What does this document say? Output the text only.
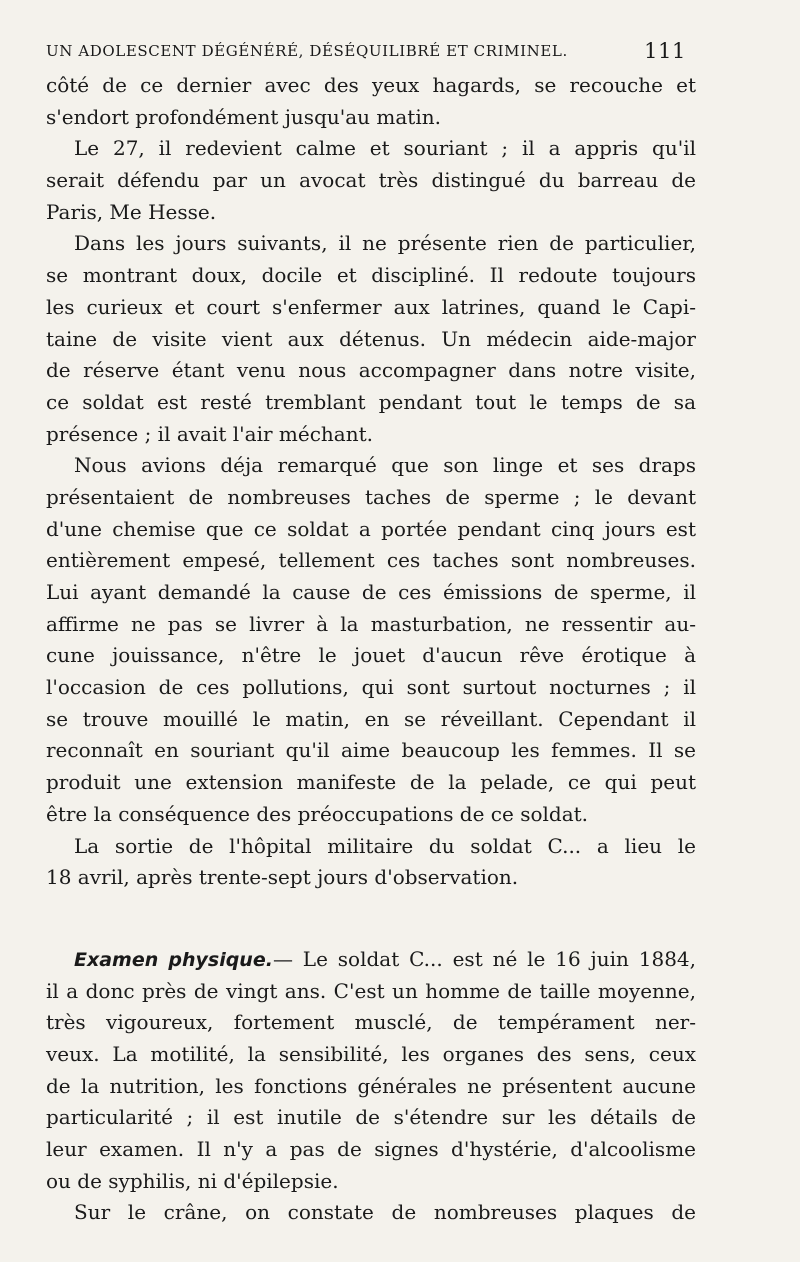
UN ADOLESCENT DÉGÉNÉRÉ, DÉSÉQUILIBRÉ ET CRIMINEL.	111
côté de ce dernier avec des yeux hagards, se recouche et
s'endort profondément jusqu'au matin.
Le 27, il redevient calme et souriant ; il a appris qu'il
serait défendu par un avocat très distingué du barreau de
Paris, Me Hesse.
Dans les jours suivants, il ne présente rien de particulier,
se montrant doux, docile et discipliné. Il redoute toujours
les curieux et court s'enfermer aux latrines, quand le Capi-
taine de visite vient aux détenus. Un médecin aide-major
de réserve étant venu nous accompagner dans notre visite,
ce soldat est resté tremblant pendant tout le temps de sa
présence ; il avait l'air méchant.
Nous avions déja remarqué que son linge et ses draps
présentaient de nombreuses taches de sperme ; le devant
d'une chemise que ce soldat a portée pendant cinq jours est
entièrement empesé, tellement ces taches sont nombreuses.
Lui ayant demandé la cause de ces émissions de sperme, il
affirme ne pas se livrer à la masturbation, ne ressentir au-
cune jouissance, n'être le jouet d'aucun rêve érotique à
l'occasion de ces pollutions, qui sont surtout nocturnes ; il
se trouve mouillé le matin, en se réveillant. Cependant il
reconnaît en souriant qu'il aime beaucoup les femmes. Il se
produit une extension manifeste de la pelade, ce qui peut
être la conséquence des préoccupations de ce soldat.
La sortie de l'hôpital militaire du soldat C... a lieu le
18 avril, après trente-sept jours d'observation.
Examen physique.— Le soldat C... est né le 16 juin 1884,
il a donc près de vingt ans. C'est un homme de taille moyenne,
très vigoureux, fortement musclé, de tempérament ner-
veux. La motilité, la sensibilité, les organes des sens, ceux
de la nutrition, les fonctions générales ne présentent aucune
particularité ; il est inutile de s'étendre sur les détails de
leur examen. Il n'y a pas de signes d'hystérie, d'alcoolisme
ou de syphilis, ni d'épilepsie.
Sur le crâne, on constate de nombreuses plaques de
